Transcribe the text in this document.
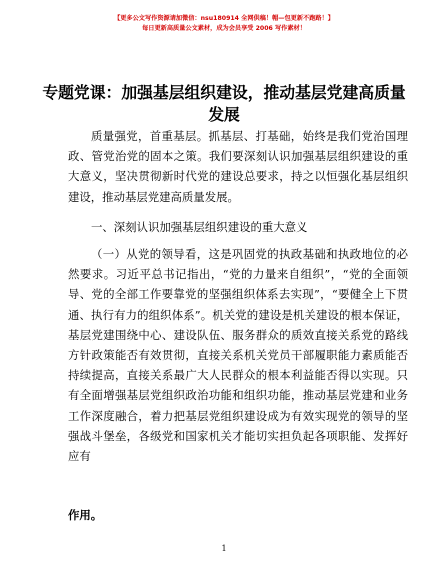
【更多公文写作资源请加微信：nsu180914 全网供稿！帽—包更新不跑路！】
每日更新高质量公文素材，成为会员享受 2006 写作素材！
专题党课：加强基层组织建设，推动基层党建高质量发展
质量强党，首重基层。抓基层、打基础，始终是我们党治国理政、管党治党的固本之策。我们要深刻认识加强基层组织建设的重大意义，坚决贯彻新时代党的建设总要求，持之以恒强化基层组织建设，推动基层党建高质量发展。
一、深刻认识加强基层组织建设的重大意义
（一）从党的领导看，这是巩固党的执政基础和执政地位的必然要求。习近平总书记指出，“党的力量来自组织”，“党的全面领导、党的全部工作要靠党的坚强组织体系去实现”，“要健全上下贯通、执行有力的组织体系”。机关党的建设是机关建设的根本保证，基层党建围绕中心、建设队伍、服务群众的质效直接关系党的路线方针政策能否有效贯彻，直接关系机关党员干部履职能力素质能否持续提高，直接关系最广大人民群众的根本利益能否得以实现。只有全面增强基层党组织政治功能和组织功能，推动基层党建和业务工作深度融合，着力把基层党组织建设成为有效实现党的领导的坚强战斗堡垒，各级党和国家机关才能切实担负起各项职能、发挥好应有
作用。
1
